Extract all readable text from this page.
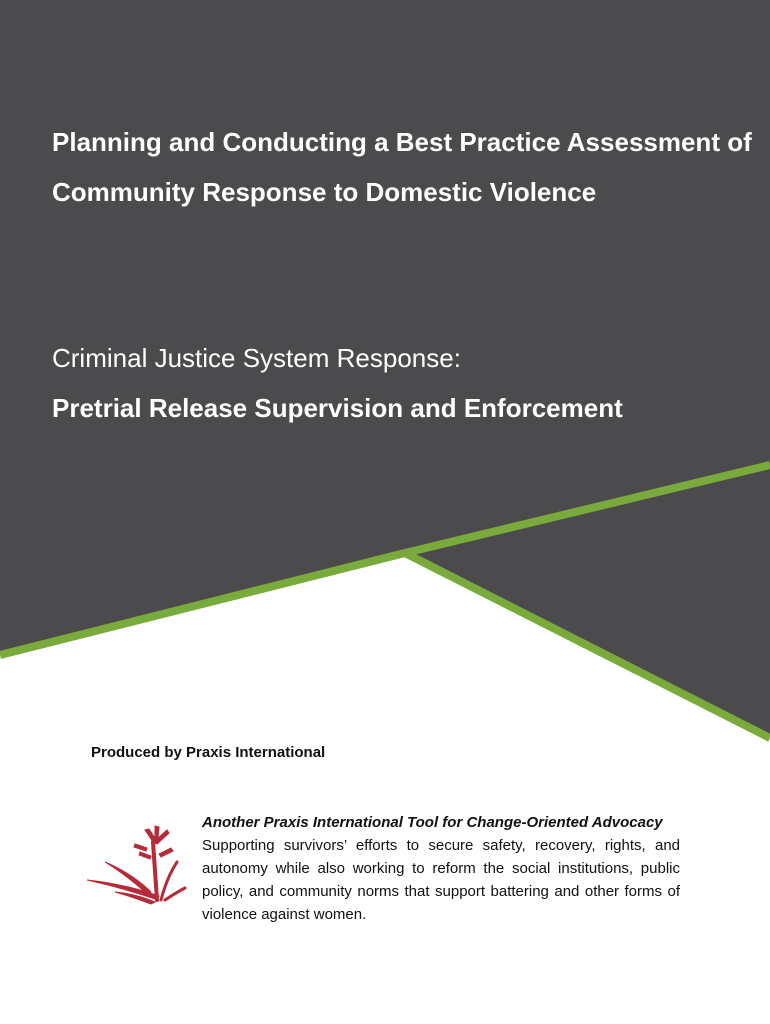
Planning and Conducting a Best Practice Assessment of Community Response to Domestic Violence
Criminal Justice System Response:
Pretrial Release Supervision and Enforcement

Produced by Praxis International

Another Praxis International Tool for Change-Oriented Advocacy
Supporting survivors’ efforts to secure safety, recovery, rights, and autonomy while also working to reform the social institutions, public policy, and community norms that support battering and other forms of violence against women.
